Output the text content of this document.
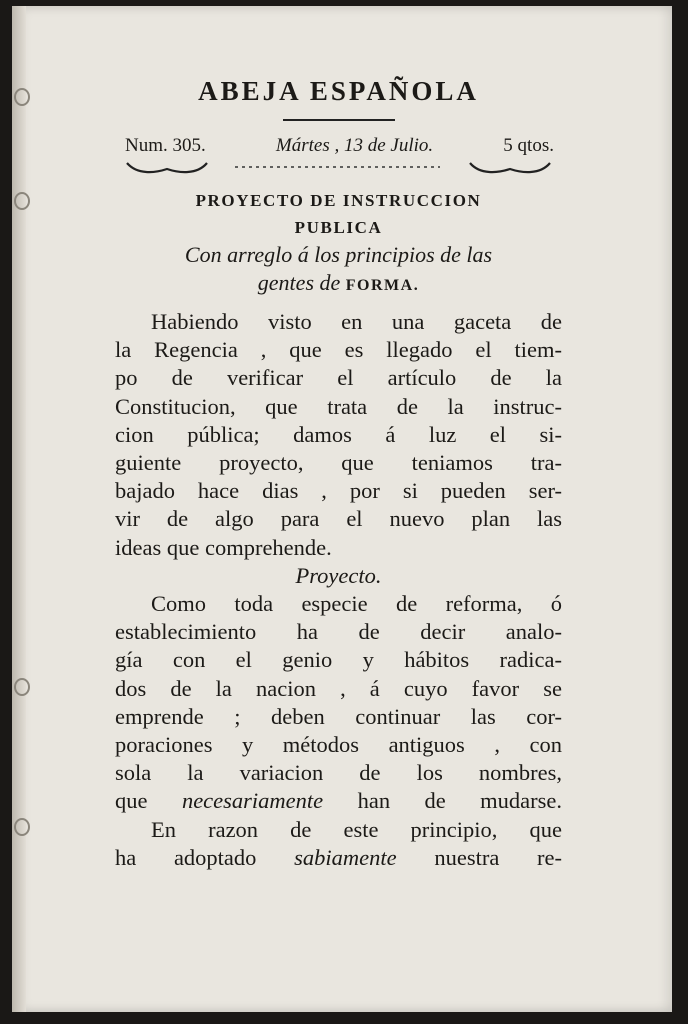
ABEJA ESPAÑOLA
Num. 305.	Mártes , 13 de Julio.	5 qtos.
PROYECTO DE INSTRUCCION
PUBLICA
Con arreglo á los principios de las
gentes de FORMA.
Habiendo visto en una gaceta de
la Regencia , que es llegado el tiem-
po de verificar el artículo de la
Constitucion, que trata de la instruc-
cion pública; damos á luz el si-
guiente proyecto, que teniamos tra-
bajado hace dias , por si pueden ser-
vir de algo para el nuevo plan las
ideas que comprehende.
Proyecto.
Como toda especie de reforma, ó
establecimiento ha de decir analo-
gía con el genio y hábitos radica-
dos de la nacion , á cuyo favor se
emprende ; deben continuar las cor-
poraciones y métodos antiguos , con
sola la variacion de los nombres,
que necesariamente han de mudarse.
En razon de este principio, que
ha adoptado sabiamente nuestra re-
